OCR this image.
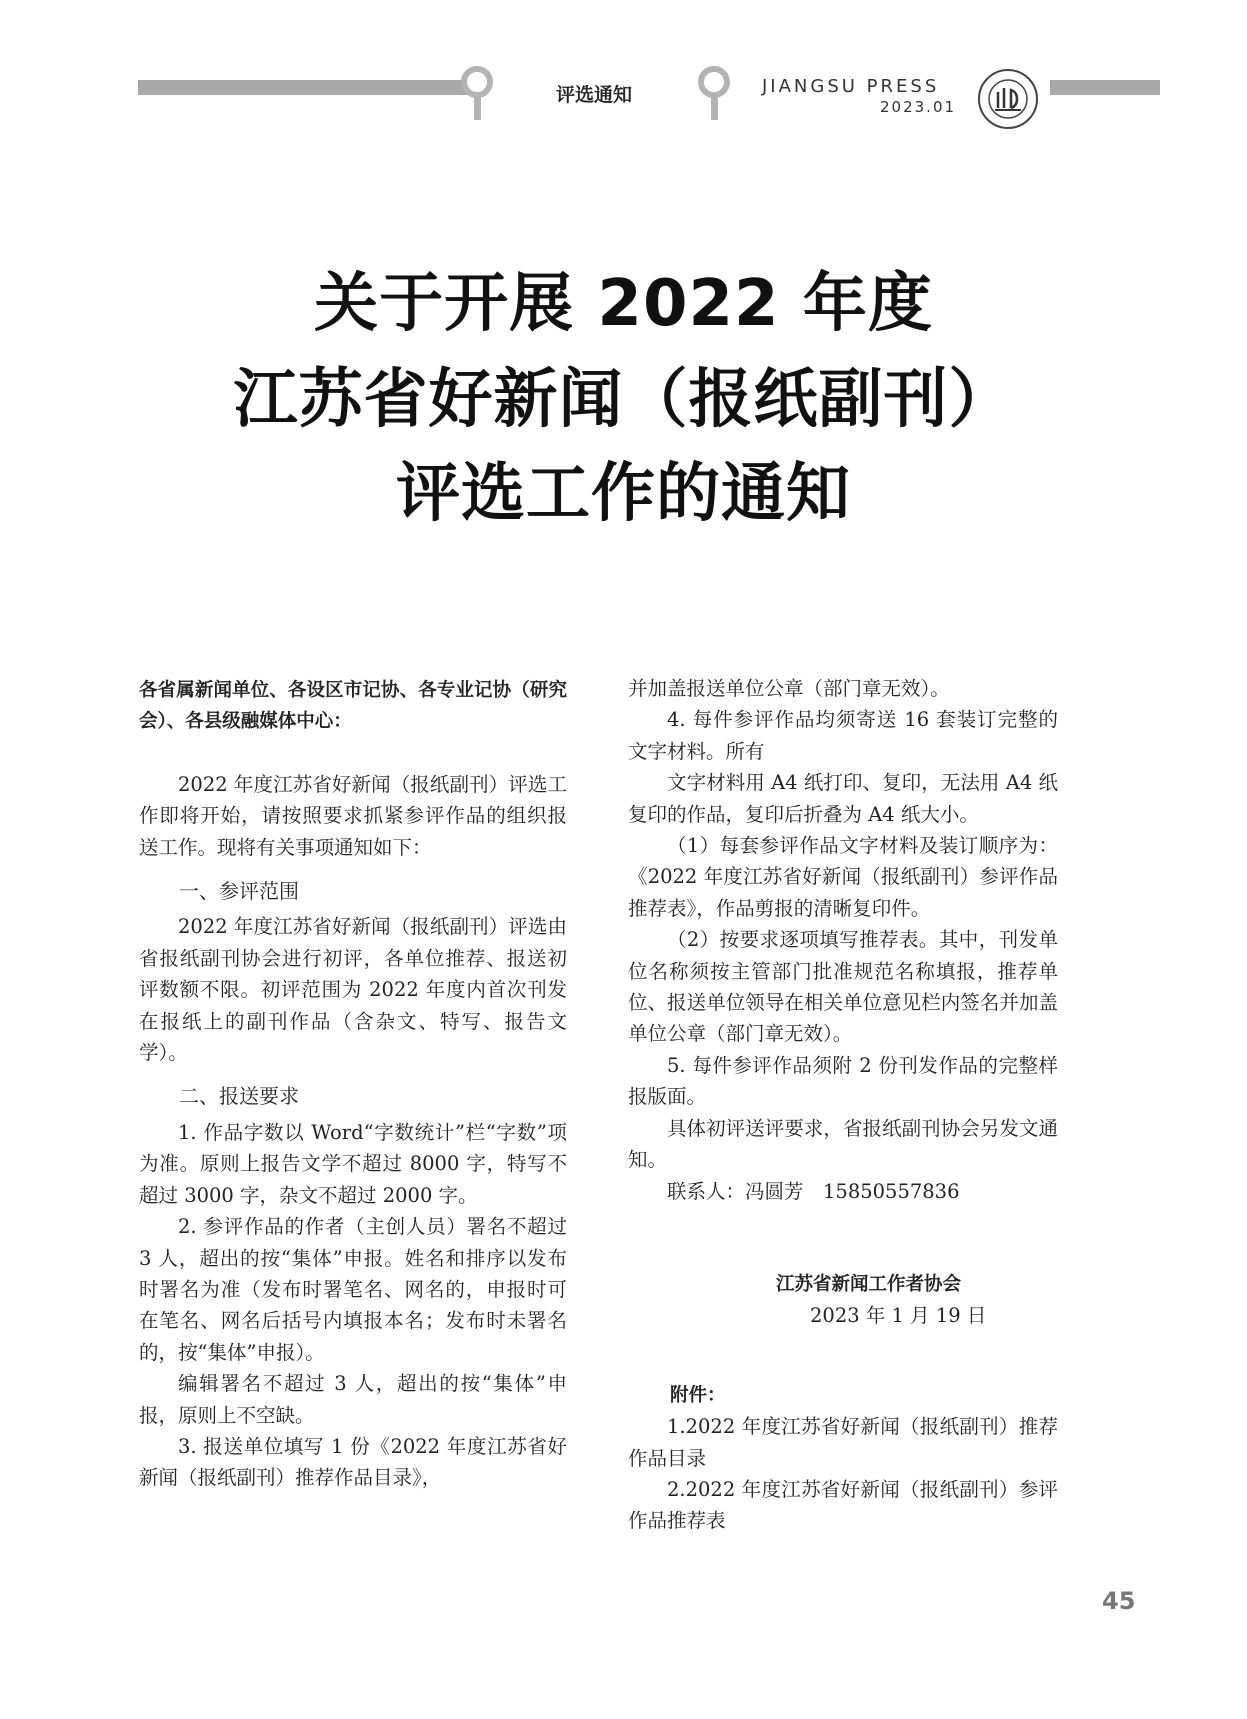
评选通知	JIANGSU PRESS
2023.01
关于开展 2022 年度
江苏省好新闻（报纸副刊）
评选工作的通知

各省属新闻单位、各设区市记协、各专业记协（研究会）、各县级融媒体中心：

2022 年度江苏省好新闻（报纸副刊）评选工作即将开始，请按照要求抓紧参评作品的组织报送工作。现将有关事项通知如下：

一、参评范围

2022 年度江苏省好新闻（报纸副刊）评选由省报纸副刊协会进行初评，各单位推荐、报送初评数额不限。初评范围为 2022 年度内首次刊发在报纸上的副刊作品（含杂文、特写、报告文学）。

二、报送要求

1. 作品字数以 Word“字数统计”栏“字数”项为准。原则上报告文学不超过 8000 字，特写不超过 3000 字，杂文不超过 2000 字。

2. 参评作品的作者（主创人员）署名不超过 3 人，超出的按“集体”申报。姓名和排序以发布时署名为准（发布时署笔名、网名的，申报时可在笔名、网名后括号内填报本名；发布时未署名的，按“集体”申报）。

编辑署名不超过 3 人，超出的按“集体”申报，原则上不空缺。

3. 报送单位填写 1 份《2022 年度江苏省好新闻（报纸副刊）推荐作品目录》，

并加盖报送单位公章（部门章无效）。

4. 每件参评作品均须寄送 16 套装订完整的文字材料。所有

文字材料用 A4 纸打印、复印，无法用 A4 纸复印的作品，复印后折叠为 A4 纸大小。

（1）每套参评作品文字材料及装订顺序为：《2022 年度江苏省好新闻（报纸副刊）参评作品推荐表》，作品剪报的清晰复印件。

（2）按要求逐项填写推荐表。其中，刊发单位名称须按主管部门批准规范名称填报，推荐单位、报送单位领导在相关单位意见栏内签名并加盖单位公章（部门章无效）。

5. 每件参评作品须附 2 份刊发作品的完整样报版面。

具体初评送评要求，省报纸副刊协会另发文通知。

联系人：冯圆芳　15850557836

江苏省新闻工作者协会

2023 年 1 月 19 日

附件：

1.2022 年度江苏省好新闻（报纸副刊）推荐作品目录

2.2022 年度江苏省好新闻（报纸副刊）参评作品推荐表

45
